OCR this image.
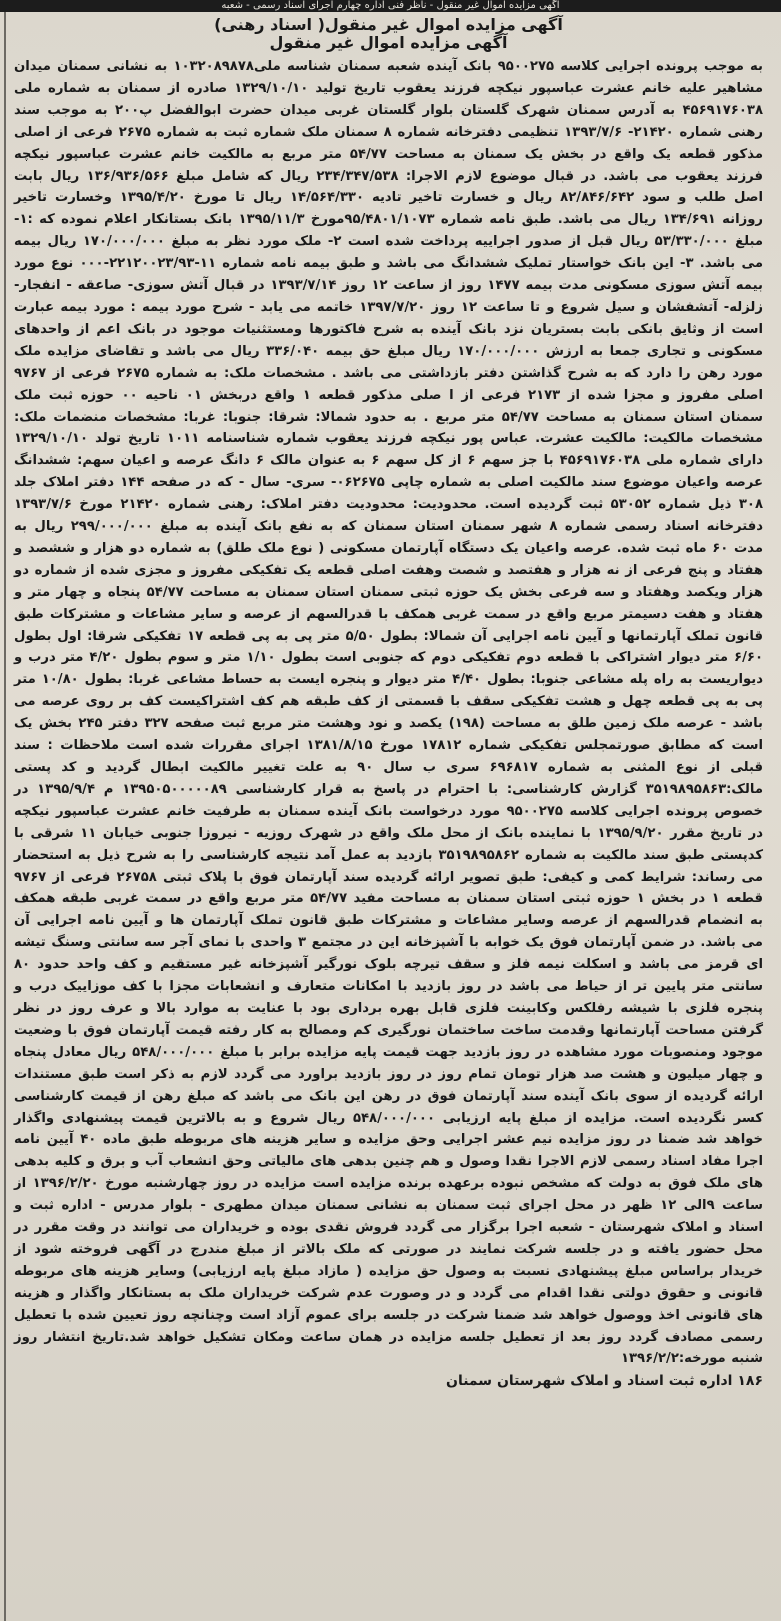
آگهی مزایده اموال غیر منقول - ناظر فنی اداره چهارم اجرای اسناد رسمی - شعبه
آگهی مزایده اموال غیر منقول( اسناد رهنی)
آگهی مزایده اموال غیر منقول

به موجب پرونده اجرایی کلاسه ۹۵۰۰۲۷۵ بانک آینده شعبه سمنان شناسه ملی۱۰۳۲۰۸۹۸۷۸ به نشانی سمنان میدان مشاهیر علیه خانم عشرت عباسپور نیکچه فرزند یعقوب تاریخ تولید ۱۳۲۹/۱۰/۱۰ صادره از سمنان به شماره ملی ۴۵۶۹۱۷۶۰۳۸ به آدرس سمنان شهرک گلستان بلوار گلستان غربی میدان حضرت ابوالفضل پ۲۰۰ به موجب سند رهنی شماره ۲۱۴۲۰- ۱۳۹۳/۷/۶ تنظیمی دفترخانه شماره ۸ سمنان ملک شماره ثبت به شماره ۲۶۷۵ فرعی از اصلی مذکور قطعه یک واقع در بخش یک سمنان به مساحت ۵۴/۷۷ متر مربع به مالکیت خانم عشرت عباسپور نیکچه فرزند یعقوب می باشد. در قبال موضوع لازم الاجرا: ۲۳۴/۳۴۷/۵۳۸ ریال که شامل مبلغ ۱۳۶/۹۳۶/۵۶۶ ریال بابت اصل طلب و سود ۸۲/۸۴۶/۶۴۲ ریال و خسارت تاخیر تادیه ۱۴/۵۶۴/۳۳۰ ریال تا مورخ ۱۳۹۵/۴/۲۰ وخسارت تاخیر روزانه ۱۳۴/۶۹۱ ریال می باشد. طبق نامه شماره ۹۵/۴۸۰۱/۱۰۷۳مورخ ۱۳۹۵/۱۱/۳ بانک بستانکار اعلام نموده که :۱- مبلغ ۵۳/۳۳۰/۰۰۰ ریال قبل از صدور اجراییه پرداخت شده است ۲- ملک مورد نظر به مبلغ ۱۷۰/۰۰۰/۰۰۰ ریال بیمه می باشد. ۳- این بانک خواستار تملیک ششدانگ می باشد و طبق بیمه نامه شماره ۱۱-۲۲۱۲۰۰۲۳/۹۳-۰۰۰ نوع مورد بیمه آتش سوزی مسکونی مدت بیمه ۱۴۷۷ روز از ساعت ۱۲ روز ۱۳۹۳/۷/۱۴ در قبال آتش سوزی- صاعقه - انفجار- زلزله- آتشفشان و سیل شروع و تا ساعت ۱۲ روز ۱۳۹۷/۷/۲۰ خاتمه می یابد - شرح مورد بیمه : مورد بیمه عبارت است از وثایق بانکی بابت بستریان نزد بانک آینده به شرح فاکتورها ومستثنیات موجود در بانک اعم از واحدهای مسکونی و تجاری جمعا به ارزش ۱۷۰/۰۰۰/۰۰۰ ریال مبلغ حق بیمه ۳۳۶/۰۴۰ ریال می باشد و تقاضای مزایده ملک مورد رهن را دارد که به شرح گذاشتن دفتر بازداشتی می باشد . مشخصات ملک: به شماره ۲۶۷۵ فرعی از ۹۷۶۷ اصلی مفروز و مجزا شده از ۲۱۷۳ فرعی از ا صلی مذکور قطعه ۱ واقع دربخش ۰۱ ناحیه ۰۰ حوزه ثبت ملک سمنان استان سمنان به مساحت ۵۴/۷۷ متر مربع . به حدود شمالا: شرقا: جنوبا: غربا: مشخصات منضمات ملک: مشخصات مالکیت: مالکیت عشرت. عباس پور نیکچه فرزند یعقوب شماره شناسنامه ۱۰۱۱ تاریخ تولد ۱۳۲۹/۱۰/۱۰ دارای شماره ملی ۴۵۶۹۱۷۶۰۳۸ با جز سهم ۶ از کل سهم ۶ به عنوان مالک ۶ دانگ عرصه و اعیان سهم: ششدانگ عرصه واعیان موضوع سند مالکیت اصلی به شماره چاپی ۰۶۲۶۷۵- سری- سال - که در صفحه ۱۴۴ دفتر املاک جلد ۳۰۸ ذیل شماره ۵۳۰۵۲ ثبت گردیده است. محدودیت: محدودیت دفتر املاک: رهنی شماره ۲۱۴۲۰ مورخ ۱۳۹۳/۷/۶ دفترخانه اسناد رسمی شماره ۸ شهر سمنان استان سمنان که به نفع بانک آینده به مبلغ ۲۹۹/۰۰۰/۰۰۰ ریال به مدت ۶۰ ماه ثبت شده. عرصه واعیان یک دستگاه آپارتمان مسکونی ( نوع ملک طلق) به شماره دو هزار و ششصد و هفتاد و پنج فرعی از نه هزار و هفتصد و شصت وهفت اصلی قطعه یک تفکیکی مفروز و مجزی شده از شماره دو هزار ویکصد وهفتاد و سه فرعی بخش یک حوزه ثبتی سمنان استان سمنان به مساحت ۵۴/۷۷ پنجاه و چهار متر و هفتاد و هفت دسیمتر مربع واقع در سمت غربی همکف با قدرالسهم از عرصه و سایر مشاعات و مشترکات طبق قانون تملک آپارتمانها و آیین نامه اجرایی آن شمالا: بطول ۵/۵۰ متر پی به پی قطعه ۱۷ تفکیکی شرقا: اول بطول ۶/۶۰ متر دیوار اشتراکی با قطعه دوم تفکیکی دوم که جنوبی است بطول ۱/۱۰ متر و سوم بطول ۴/۲۰ متر درب و دیواریست به راه پله مشاعی جنوبا: بطول ۴/۴۰ متر دیوار و پنجره ایست به حساط مشاعی غربا: بطول ۱۰/۸۰ متر پی به پی قطعه چهل و هشت تفکیکی سقف با قسمتی از کف طبقه هم کف اشتراکیست کف بر روی عرصه می باشد - عرصه ملک زمین طلق به مساحت (۱۹۸) یکصد و نود وهشت متر مربع ثبت صفحه ۳۲۷ دفتر ۲۴۵ بخش یک است که مطابق صورتمجلس تفکیکی شماره ۱۷۸۱۲ مورخ ۱۳۸۱/۸/۱۵ اجرای مقررات شده است ملاحظات : سند قبلی از نوع المثنی به شماره ۶۹۶۸۱۷ سری ب سال ۹۰ به علت تغییر مالکیت ابطال گردید و کد پستی مالک:۳۵۱۹۸۹۵۸۶۳ گزارش کارشناسی: با احترام در پاسخ به قرار کارشناسی ۱۳۹۵۰۵۰۰۰۰۰۸۹ م ۱۳۹۵/۹/۴ در خصوص پرونده اجرایی کلاسه ۹۵۰۰۲۷۵ مورد درخواست بانک آینده سمنان به طرفیت خانم عشرت عباسپور نیکچه در تاریخ مقرر ۱۳۹۵/۹/۲۰ با نماینده بانک از محل ملک واقع در شهرک روزیه - نیروزا جنوبی خیابان ۱۱ شرقی با کدپستی طبق سند مالکیت به شماره ۳۵۱۹۸۹۵۸۶۲ بازدید به عمل آمد نتیجه کارشناسی را به شرح ذیل به استحضار می رساند: شرایط کمی و کیفی: طبق تصویر ارائه گردیده سند آپارتمان فوق با پلاک ثبتی ۲۶۷۵۸ فرعی از ۹۷۶۷ قطعه ۱ در بخش ۱ حوزه ثبتی استان سمنان به مساحت مفید ۵۴/۷۷ متر مربع واقع در سمت غربی طبقه همکف به انضمام قدرالسهم از عرصه وسایر مشاعات و مشترکات طبق قانون تملک آپارتمان ها و آیین نامه اجرایی آن می باشد. در ضمن آپارتمان فوق یک خوابه با آشپزخانه این در مجتمع ۳ واحدی با نمای آجر سه سانتی وسنگ تیشه ای قرمز می باشد و اسکلت نیمه فلز و سقف تیرچه بلوک نورگیر آشپزخانه غیر مستقیم و کف واحد حدود ۸۰ سانتی متر پایین تر از حیاط می باشد در روز بازدید با امکانات متعارف و انشعابات مجزا با کف موزاییک درب و پنجره فلزی با شیشه رفلکس وکابینت فلزی قابل بهره برداری بود با عنایت به موارد بالا و عرف روز در نظر گرفتن مساحت آپارتمانها وقدمت ساخت ساختمان نورگیری کم ومصالح به کار رفته قیمت آپارتمان فوق با وضعیت موجود ومنصوبات مورد مشاهده در روز بازدید جهت قیمت پایه مزایده برابر با مبلغ ۵۴۸/۰۰۰/۰۰۰ ریال معادل پنجاه و چهار میلیون و هشت صد هزار تومان تمام روز در روز بازدید براورد می گردد لازم به ذکر است طبق مستندات ارائه گردیده از سوی بانک آینده سند آپارتمان فوق در رهن این بانک می باشد که مبلغ رهن از قیمت کارشناسی کسر نگردیده است. مزایده از مبلغ پایه ارزیابی ۵۴۸/۰۰۰/۰۰۰ ریال شروع و به بالاترین قیمت پیشنهادی واگذار خواهد شد ضمنا در روز مزایده نیم عشر اجرایی وحق مزایده و سایر هزینه های مربوطه طبق ماده ۴۰ آیین نامه اجرا مفاد اسناد رسمی لازم الاجرا نقدا وصول و هم چنین بدهی های مالیاتی وحق انشعاب آب و برق و کلیه بدهی های ملک فوق به دولت که مشخص نبوده برعهده برنده مزایده است مزایده در روز چهارشنبه مورخ ۱۳۹۶/۲/۲۰ از ساعت ۹الی ۱۲ ظهر در محل اجرای ثبت سمنان به نشانی سمنان میدان مطهری - بلوار مدرس - اداره ثبت و اسناد و املاک شهرستان - شعبه اجرا برگزار می گردد فروش نقدی بوده و خریداران می توانند در وقت مقرر در محل حضور یافته و در جلسه شرکت نمایند در صورتی که ملک بالاتر از مبلغ مندرج در آگهی فروخته شود از خریدار براساس مبلغ پیشنهادی نسبت به وصول حق مزایده ( مازاد مبلغ پایه ارزیابی) وسایر هزینه های مربوطه قانونی و حقوق دولتی نقدا اقدام می گردد و در وصورت عدم شرکت خریداران ملک به بستانکار واگذار و هزینه های قانونی اخذ ووصول خواهد شد ضمنا شرکت در جلسه برای عموم آزاد است وچنانچه روز تعیین شده با تعطیل رسمی مصادف گردد روز بعد از تعطیل جلسه مزایده در همان ساعت ومکان تشکیل خواهد شد.تاریخ انتشار روز شنبه مورخه:۱۳۹۶/۲/۲

۱۸۶ اداره ثبت اسناد و املاک شهرستان سمنان
